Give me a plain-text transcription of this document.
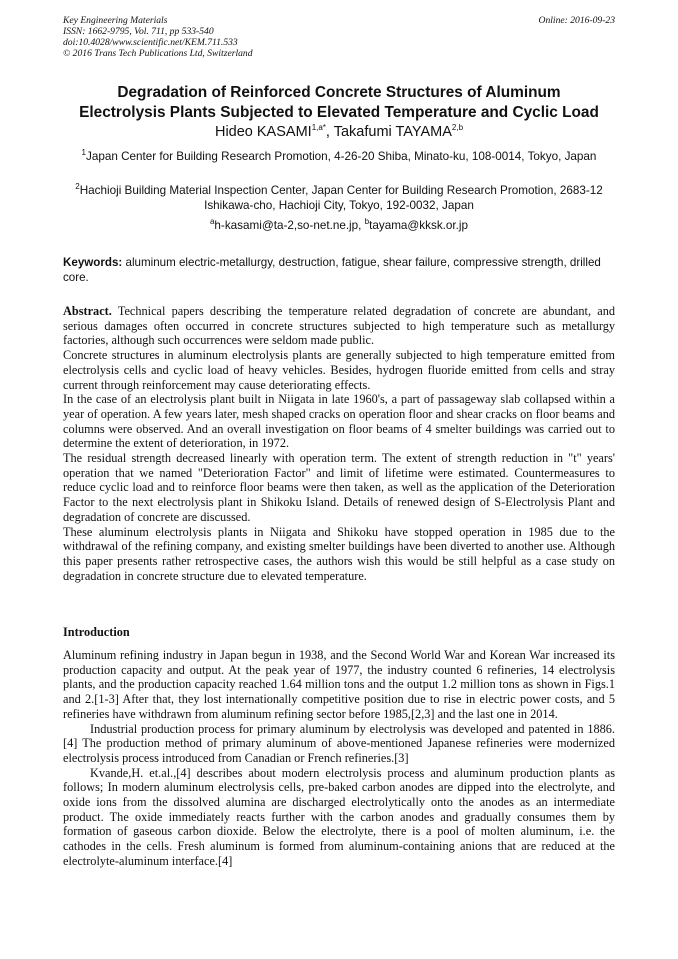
Key Engineering Materials
ISSN: 1662-9795, Vol. 711, pp 533-540
doi:10.4028/www.scientific.net/KEM.711.533
© 2016 Trans Tech Publications Ltd, Switzerland
Online: 2016-09-23
Degradation of Reinforced Concrete Structures of Aluminum
Electrolysis Plants Subjected to Elevated Temperature and Cyclic Load
Hideo $KASAMI^{1,a*}$, Takafumi TAYAMA$^{2,b}$
$^1$Japan Center for Building Research Promotion, 4-26-20 Shiba, Minato-ku, 108-0014, Tokyo, Japan
$^2$Hachioji Building Material Inspection Center, Japan Center for Building Research Promotion, 2683-12 Ishikawa-cho, Hachioji City, Tokyo, 192-0032, Japan
$^a$h-kasami@ta-2,so-net.ne.jp, $^b$tayama@kksk.or.jp
Keywords: aluminum electric-metallurgy, destruction, fatigue, shear failure, compressive strength, drilled core.

Abstract. Technical papers describing the temperature related degradation of concrete are abundant, and serious damages often occurred in concrete structures subjected to high temperature such as metallurgy factories, although such occurrences were seldom made public.

Concrete structures in aluminum electrolysis plants are generally subjected to high temperature emitted from electrolysis cells and cyclic load of heavy vehicles. Besides, hydrogen fluoride emitted from cells and stray current through reinforcement may cause deteriorating effects.

In the case of an electrolysis plant built in Niigata in late 1960's, a part of passageway slab collapsed within a year of operation. A few years later, mesh shaped cracks on operation floor and shear cracks on floor beams and columns were observed. And an overall investigation on floor beams of 4 smelter buildings was carried out to determine the extent of deterioration, in 1972.

The residual strength decreased linearly with operation term. The extent of strength reduction in "t" years' operation that we named "Deterioration Factor" and limit of lifetime were estimated. Countermeasures to reduce cyclic load and to reinforce floor beams were then taken, as well as the application of the Deterioration Factor to the next electrolysis plant in Shikoku Island. Details of renewed design of S-Electrolysis Plant and degradation of concrete are discussed.

These aluminum electrolysis plants in Niigata and Shikoku have stopped operation in 1985 due to the withdrawal of the refining company, and existing smelter buildings have been diverted to another use. Although this paper presents rather retrospective cases, the authors wish this would be still helpful as a case study on degradation in concrete structure due to elevated temperature.

Introduction

Aluminum refining industry in Japan begun in 1938, and the Second World War and Korean War increased its production capacity and output. At the peak year of 1977, the industry counted 6 refineries, 14 electrolysis plants, and the production capacity reached 1.64 million tons and the output 1.2 million tons as shown in Figs.1 and 2.[1-3] After that, they lost internationally competitive position due to rise in electric power costs, and 5 refineries have withdrawn from aluminum refining sector before 1985,[2,3] and the last one in 2014.

Industrial production process for primary aluminum by electrolysis was developed and patented in 1886.[4] The production method of primary aluminum of above-mentioned Japanese refineries were modernized electrolysis process introduced from Canadian or French refineries.[3]

Kvande,H. et.al.,[4] describes about modern electrolysis process and aluminum production plants as follows; In modern aluminum electrolysis cells, pre-baked carbon anodes are dipped into the electrolyte, and oxide ions from the dissolved alumina are discharged electrolytically onto the anodes as an intermediate product. The oxide immediately reacts further with the carbon anodes and gradually consumes them by formation of gaseous carbon dioxide. Below the electrolyte, there is a pool of molten aluminum, i.e. the cathodes in the cells. Fresh aluminum is formed from aluminum-containing anions that are reduced at the electrolyte-aluminum interface.[4]
